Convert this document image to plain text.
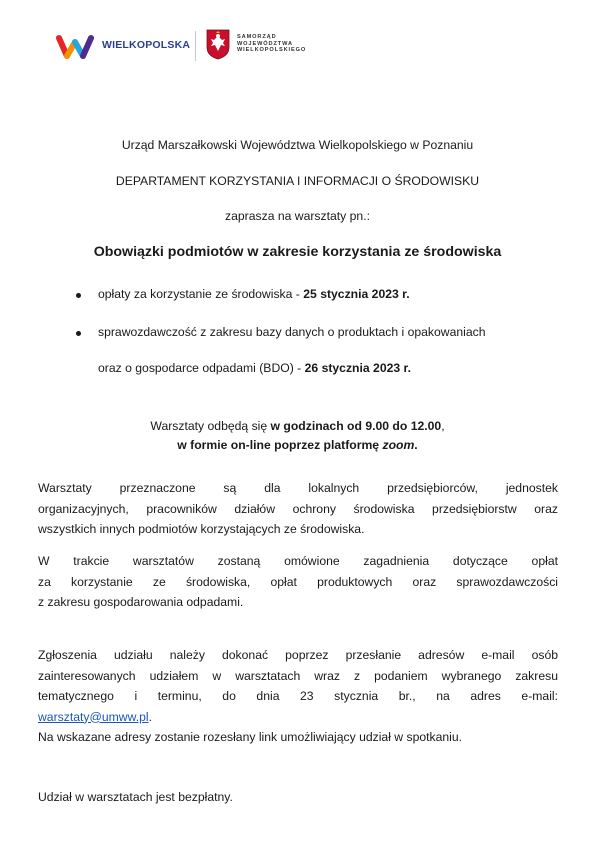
WIELKOPOLSKA
SAMORZĄD
WOJEWÓDZTWA
WIELKOPOLSKIEGO
Urząd Marszałkowski Województwa Wielkopolskiego w Poznaniu
DEPARTAMENT KORZYSTANIA I INFORMACJI O ŚRODOWISKU
zaprasza na warsztaty pn.:
Obowiązki podmiotów w zakresie korzystania ze środowiska
opłaty za korzystanie ze środowiska - 25 stycznia 2023 r.
sprawozdawczość z zakresu bazy danych o produktach i opakowaniach
oraz o gospodarce odpadami (BDO) - 26 stycznia 2023 r.
Warsztaty odbędą się w godzinach od 9.00 do 12.00,
w formie on-line poprzez platformę zoom.
Warsztaty przeznaczone są dla lokalnych przedsiębiorców, jednostek
organizacyjnych, pracowników działów ochrony środowiska przedsiębiorstw oraz
wszystkich innych podmiotów korzystających ze środowiska.
W trakcie warsztatów zostaną omówione zagadnienia dotyczące opłat
za korzystanie ze środowiska, opłat produktowych oraz sprawozdawczości
z zakresu gospodarowania odpadami.
Zgłoszenia udziału należy dokonać poprzez przesłanie adresów e-mail osób
zainteresowanych udziałem w warsztatach wraz z podaniem wybranego zakresu
tematycznego i terminu, do dnia 23 stycznia br., na adres e-mail:
warsztaty@umww.pl.
Na wskazane adresy zostanie rozesłany link umożliwiający udział w spotkaniu.
Udział w warsztatach jest bezpłatny.
